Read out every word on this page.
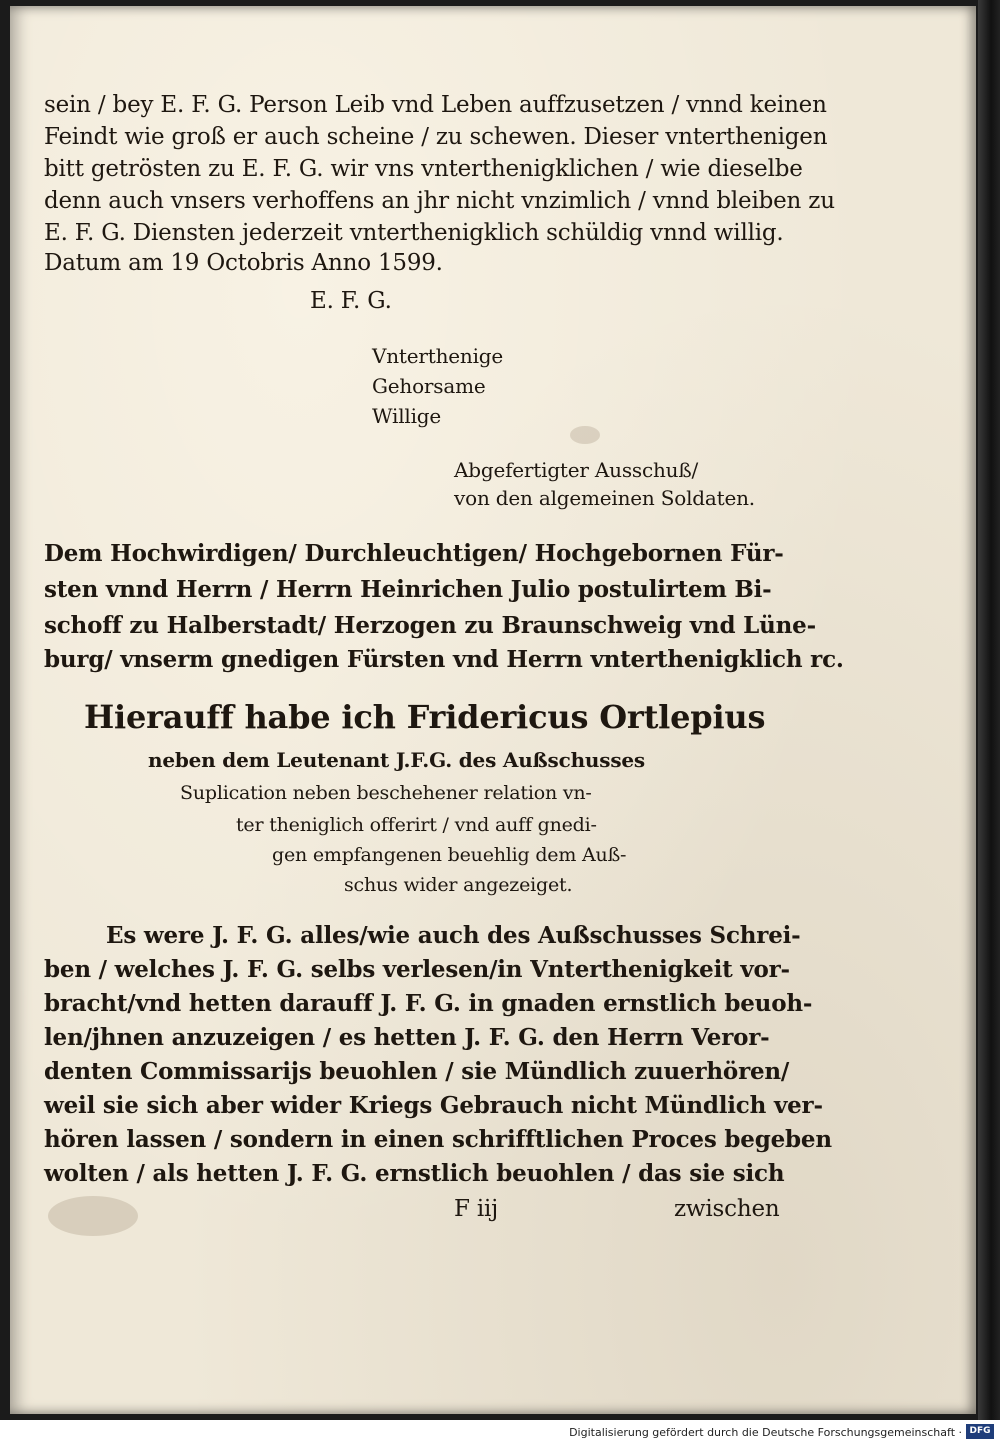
sein / bey E. F. G. Person Leib vnd Leben auffzusetzen / vnnd keinen
Feindt wie groß er auch scheine / zu schewen. Dieser vnterthenigen
bitt getrösten zu E. F. G. wir vns vnterthenigklichen / wie dieselbe
denn auch vnsers verhoffens an jhr nicht vnzimlich / vnnd bleiben zu
E. F. G. Diensten jederzeit vnterthenigklich schüldig vnnd willig.
Datum am 19 Octobris Anno 1599.
E. F. G.
Vnterthenige
Gehorsame
Willige
Abgefertigter Ausschuß/
von den algemeinen Soldaten.
Dem Hochwirdigen/ Durchleuchtigen/ Hochgebornen Für-
sten vnnd Herrn / Herrn Heinrichen Julio postulirtem Bi-
schoff zu Halberstadt/ Herzogen zu Braunschweig vnd Lüne-
burg/ vnserm gnedigen Fürsten vnd Herrn vnterthenigklich rc.
Hierauff habe ich Fridericus Ortlepius
neben dem Leutenant J.F.G. des Außschusses
Suplication neben beschehener relation vn-
ter theniglich offerirt / vnd auff gnedi-
gen empfangenen beuehlig dem Auß-
schus wider angezeiget.
Es were J. F. G. alles/wie auch des Außschusses Schrei-
ben / welches J. F. G. selbs verlesen/in Vnterthenigkeit vor-
bracht/vnd hetten darauff J. F. G. in gnaden ernstlich beuoh-
len/jhnen anzuzeigen / es hetten J. F. G. den Herrn Veror-
denten Commissarijs beuohlen / sie Mündlich zuuerhören/
weil sie sich aber wider Kriegs Gebrauch nicht Mündlich ver-
hören lassen / sondern in einen schrifftlichen Proces begeben
wolten / als hetten J. F. G. ernstlich beuohlen / das sie sich
F iij	zwischen
Digitalisierung gefördert durch die Deutsche Forschungsgemeinschaft · DFG
